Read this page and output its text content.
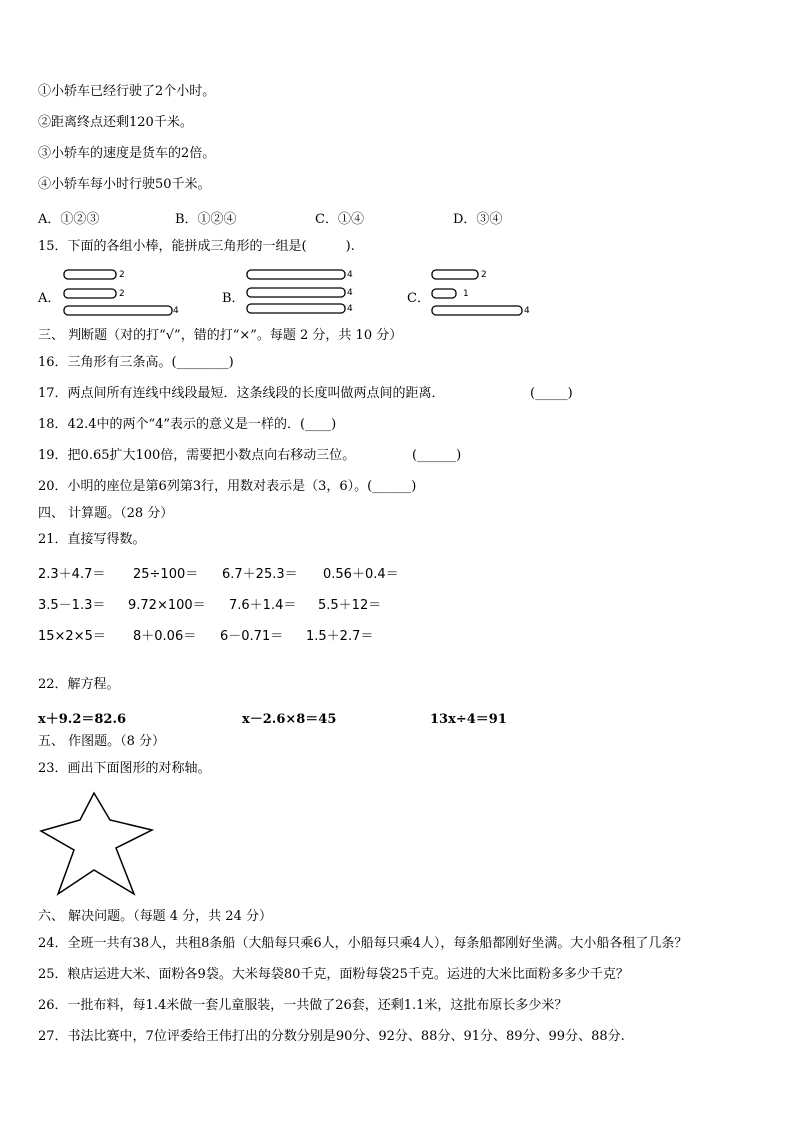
①小轿车已经行驶了2个小时。
②距离终点还剩120千米。
③小轿车的速度是货车的2倍。
④小轿车每小时行驶50千米。
A．①②③	B．①②④	C．①④	D．③④
15．下面的各组小棒，能拼成三角形的一组是(　　　).
A．
2
2
4
B．
4
4
4
C．
2
1
4
三、 判断题（对的打“√”，错的打“×”。每题 2 分，共 10 分）
16．三角形有三条高。(________)
17．两点间所有连线中线段最短．这条线段的长度叫做两点间的距离．	(_____)
18．42.4中的两个“4”表示的意义是一样的．(____)
19．把0.65扩大100倍，需要把小数点向右移动三位。	(______)
20．小明的座位是第6列第3行，用数对表示是（3，6）。(______)
四、 计算题。（28 分）
21．直接写得数。
2.3＋4.7＝ 25÷100＝ 6.7＋25.3＝ 0.56＋0.4＝
3.5－1.3＝ 9.72×100＝ 7.6＋1.4＝ 5.5＋12＝
15×2×5＝ 8＋0.06＝ 6－0.71＝ 1.5＋2.7＝
22．解方程。
x＋9.2＝82.6	x－2.6×8＝45	13x÷4＝91
五、 作图题。（8 分）
23．画出下面图形的对称轴。
六、 解决问题。（每题 4 分，共 24 分）
24．全班一共有38人，共租8条船（大船每只乘6人，小船每只乘4人），每条船都刚好坐满。大小船各租了几条？
25．粮店运进大米、面粉各9袋。大米每袋80千克，面粉每袋25千克。运进的大米比面粉多多少千克？
26．一批布料，每1.4米做一套儿童服装，一共做了26套，还剩1.1米，这批布原长多少米？
27．书法比赛中，7位评委给王伟打出的分数分别是90分、92分、88分、91分、89分、99分、88分.
